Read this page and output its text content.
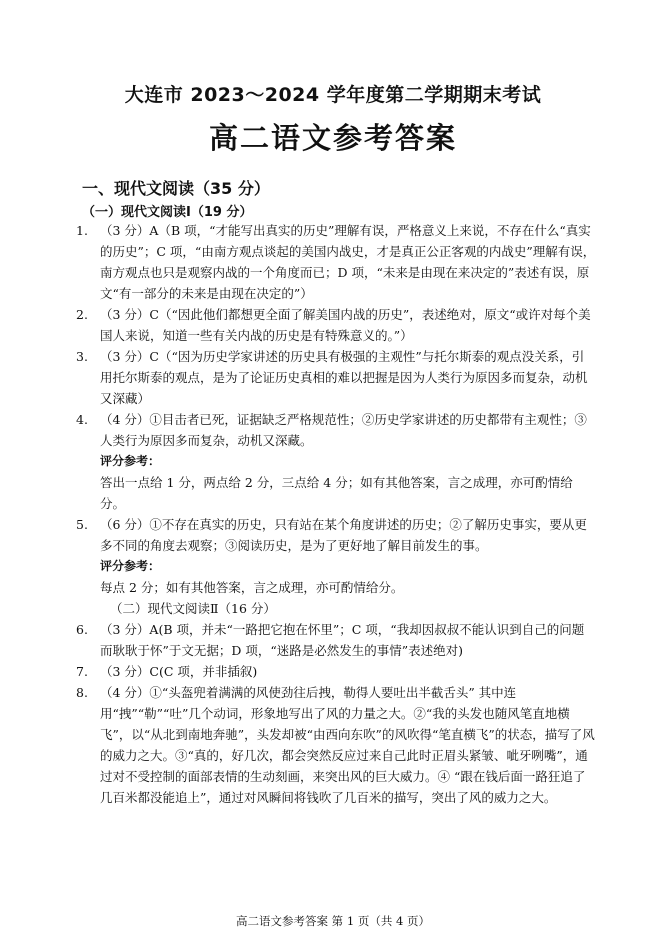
大连市 2023～2024 学年度第二学期期末考试
高二语文参考答案
一、现代文阅读（35 分）
（一）现代文阅读Ⅰ（19 分）
1. （3 分）A（B 项，“才能写出真实的历史”理解有误，严格意义上来说，不存在什么“真实的历史”；C 项，“由南方观点谈起的美国内战史，才是真正公正客观的内战史”理解有误，南方观点也只是观察内战的一个角度而已；D 项，“未来是由现在来决定的”表述有误，原文“有一部分的未来是由现在决定的”）
2. （3 分）C（“因此他们都想更全面了解美国内战的历史”，表述绝对，原文“或许对每个美国人来说，知道一些有关内战的历史是有特殊意义的。”）
3. （3 分）C（“因为历史学家讲述的历史具有极强的主观性”与托尔斯泰的观点没关系，引用托尔斯泰的观点，是为了论证历史真相的难以把握是因为人类行为原因多而复杂，动机又深藏）
4. （4 分）①目击者已死，证据缺乏严格规范性；②历史学家讲述的历史都带有主观性；③人类行为原因多而复杂，动机又深藏。
评分参考：
答出一点给 1 分，两点给 2 分，三点给 4 分；如有其他答案，言之成理，亦可酌情给分。
5. （6 分）①不存在真实的历史，只有站在某个角度讲述的历史；②了解历史事实，要从更多不同的角度去观察；③阅读历史，是为了更好地了解目前发生的事。
评分参考：
每点 2 分；如有其他答案，言之成理，亦可酌情给分。
（二）现代文阅读Ⅱ（16 分）
6. （3 分）A(B 项，并未“一路把它抱在怀里”；C 项，“我却因叔叔不能认识到自己的问题而耿耿于怀”于文无据；D 项，“迷路是必然发生的事情”表述绝对)
7. （3 分）C(C 项，并非插叙)
8. （4 分）①“头盔兜着满满的风使劲往后拽，勒得人要吐出半截舌头” 其中连用“拽”“勒”“吐”几个动词，形象地写出了风的力量之大。②“我的头发也随风笔直地横飞”，以“从北到南地奔驰”，头发却被“由西向东吹”的风吹得“笔直横飞”的状态，描写了风的威力之大。③“真的，好几次，都会突然反应过来自己此时正眉头紧皱、呲牙咧嘴”，通过对不受控制的面部表情的生动刻画，来突出风的巨大威力。④ “跟在钱后面一路狂追了几百米都没能追上”，通过对风瞬间将钱吹了几百米的描写，突出了风的威力之大。
高二语文参考答案 第 1 页（共 4 页）
